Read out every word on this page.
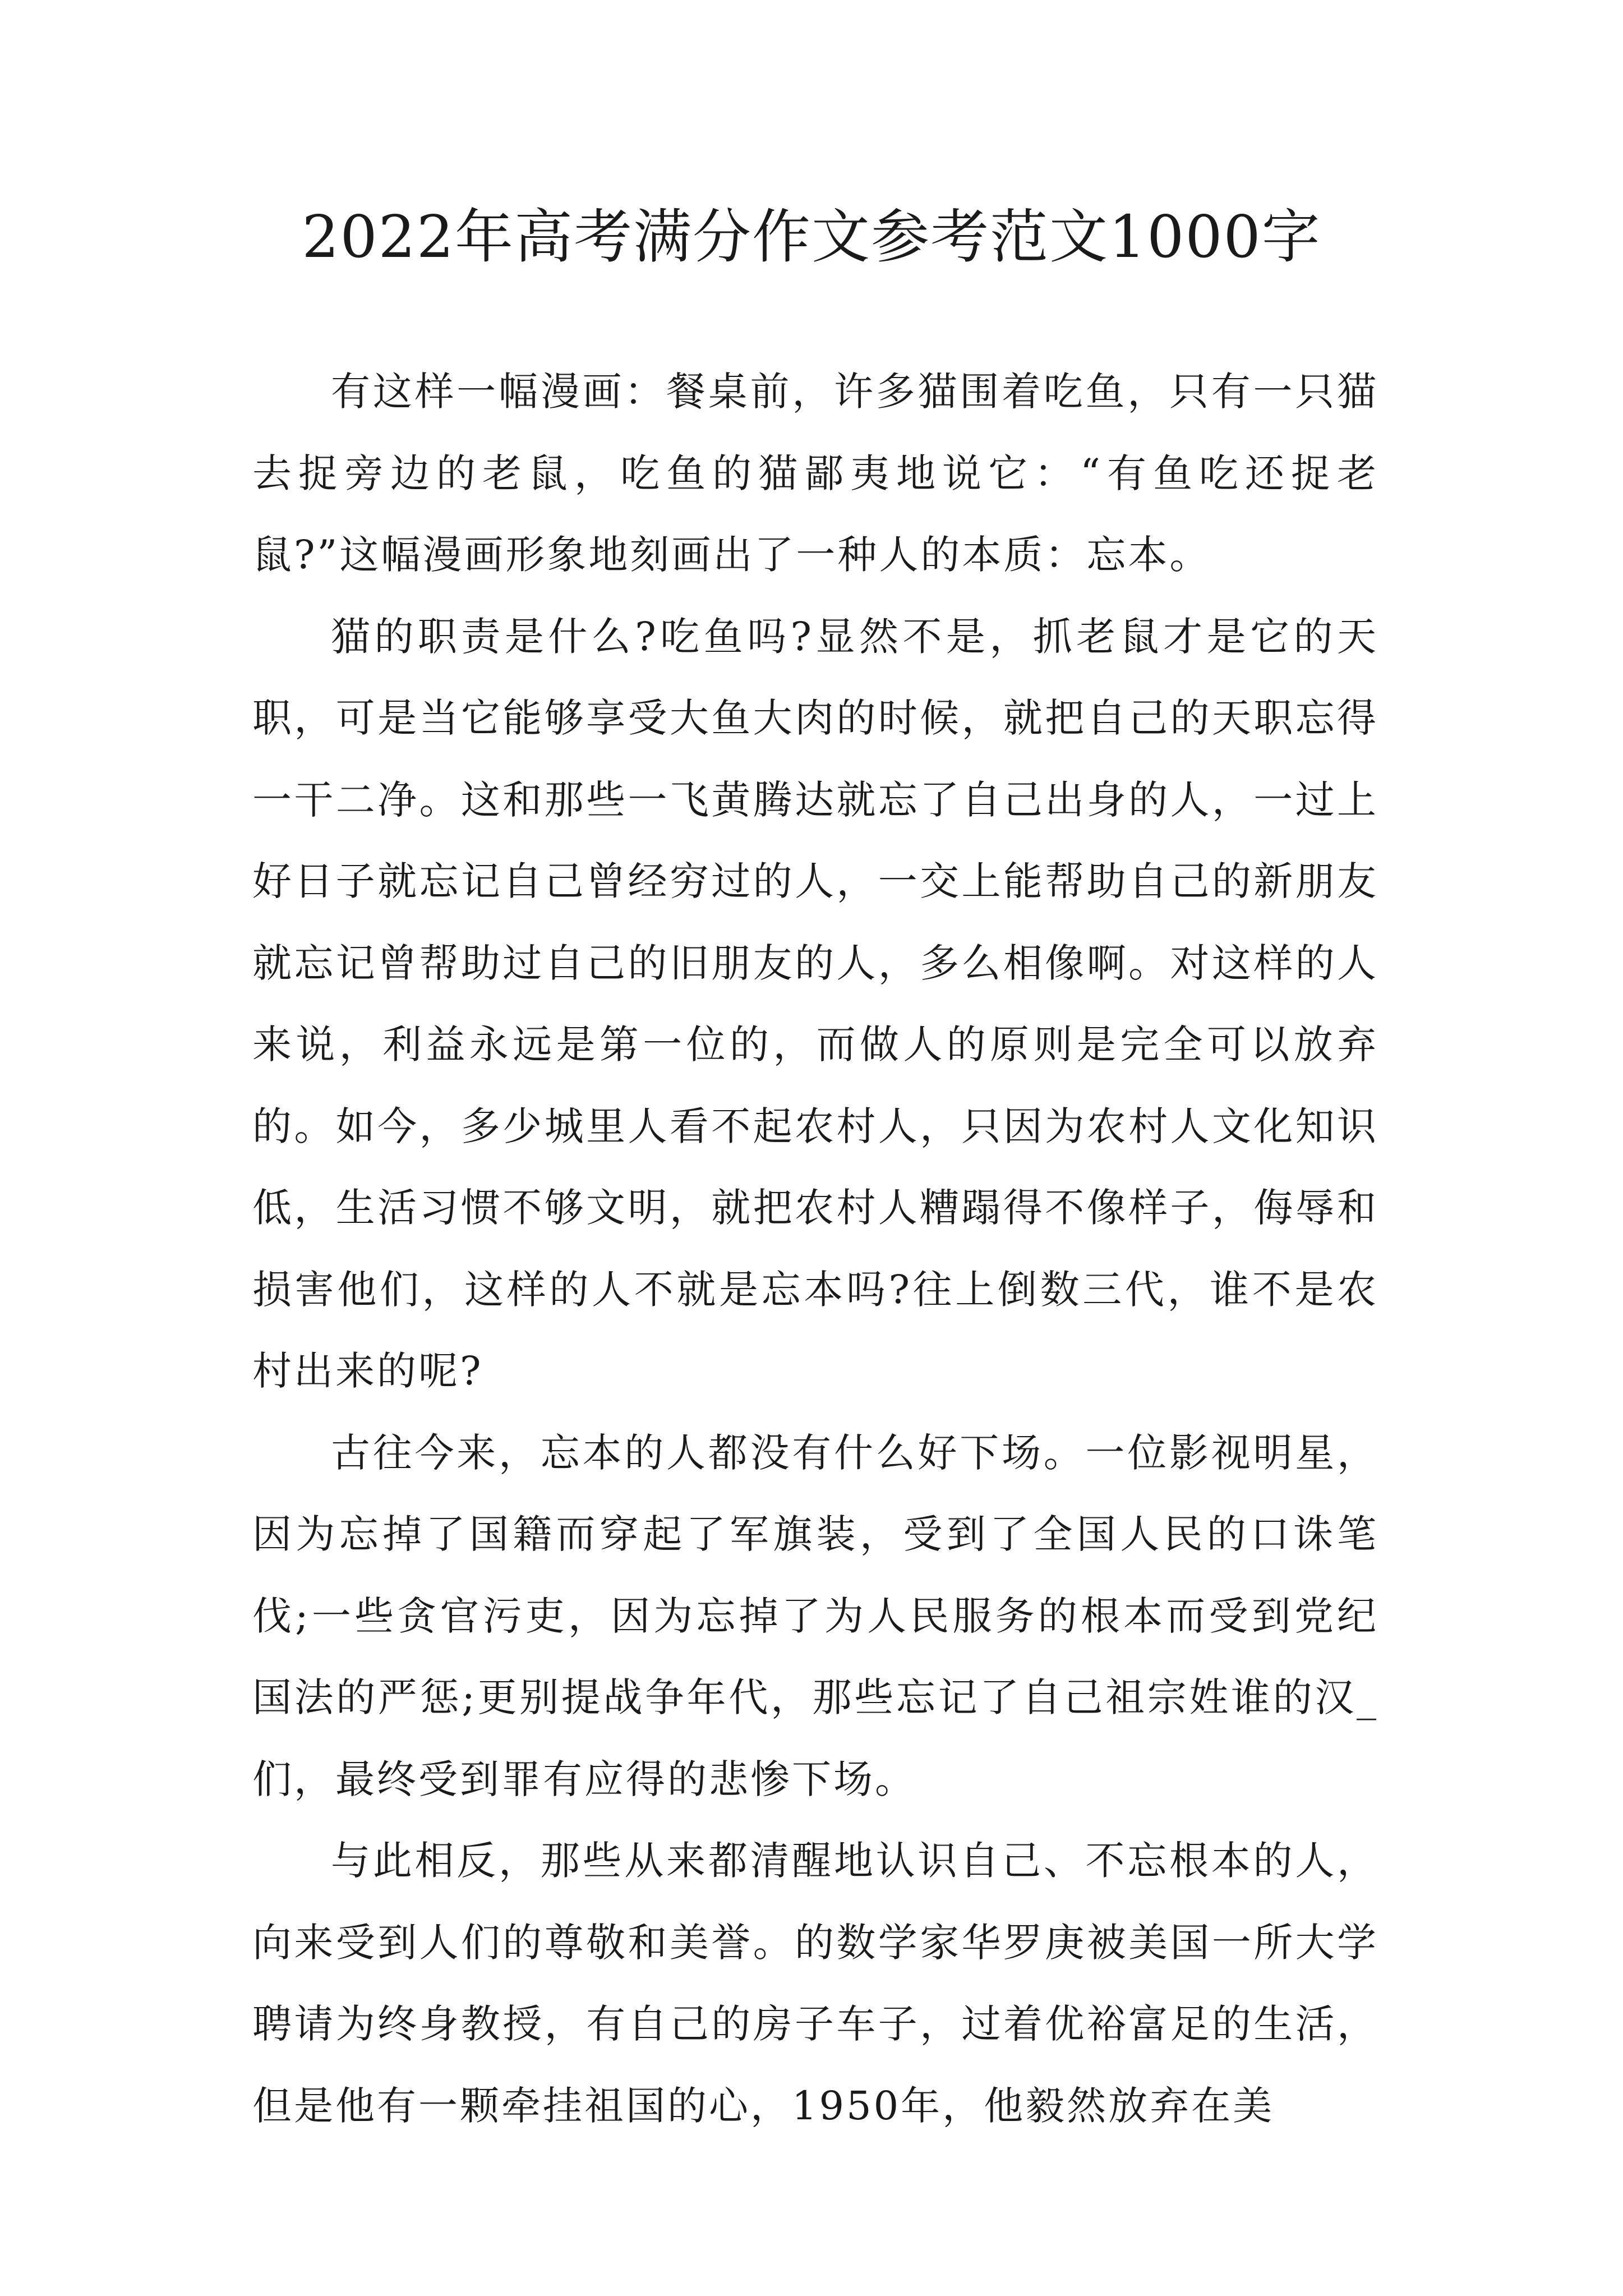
2022年高考满分作文参考范文1000字

有这样一幅漫画：餐桌前，许多猫围着吃鱼，只有一只猫去捉旁边的老鼠，吃鱼的猫鄙夷地说它：“有鱼吃还捉老鼠?”这幅漫画形象地刻画出了一种人的本质：忘本。

猫的职责是什么?吃鱼吗?显然不是，抓老鼠才是它的天职，可是当它能够享受大鱼大肉的时候，就把自己的天职忘得一干二净。这和那些一飞黄腾达就忘了自己出身的人，一过上好日子就忘记自己曾经穷过的人，一交上能帮助自己的新朋友就忘记曾帮助过自己的旧朋友的人，多么相像啊。对这样的人来说，利益永远是第一位的，而做人的原则是完全可以放弃的。如今，多少城里人看不起农村人，只因为农村人文化知识低，生活习惯不够文明，就把农村人糟蹋得不像样子，侮辱和损害他们，这样的人不就是忘本吗?往上倒数三代，谁不是农村出来的呢?

古往今来，忘本的人都没有什么好下场。一位影视明星，因为忘掉了国籍而穿起了军旗装，受到了全国人民的口诛笔伐;一些贪官污吏，因为忘掉了为人民服务的根本而受到党纪国法的严惩;更别提战争年代，那些忘记了自己祖宗姓谁的汉_们，最终受到罪有应得的悲惨下场。

与此相反，那些从来都清醒地认识自己、不忘根本的人，向来受到人们的尊敬和美誉。的数学家华罗庚被美国一所大学聘请为终身教授，有自己的房子车子，过着优裕富足的生活，但是他有一颗牵挂祖国的心，1950年，他毅然放弃在美
